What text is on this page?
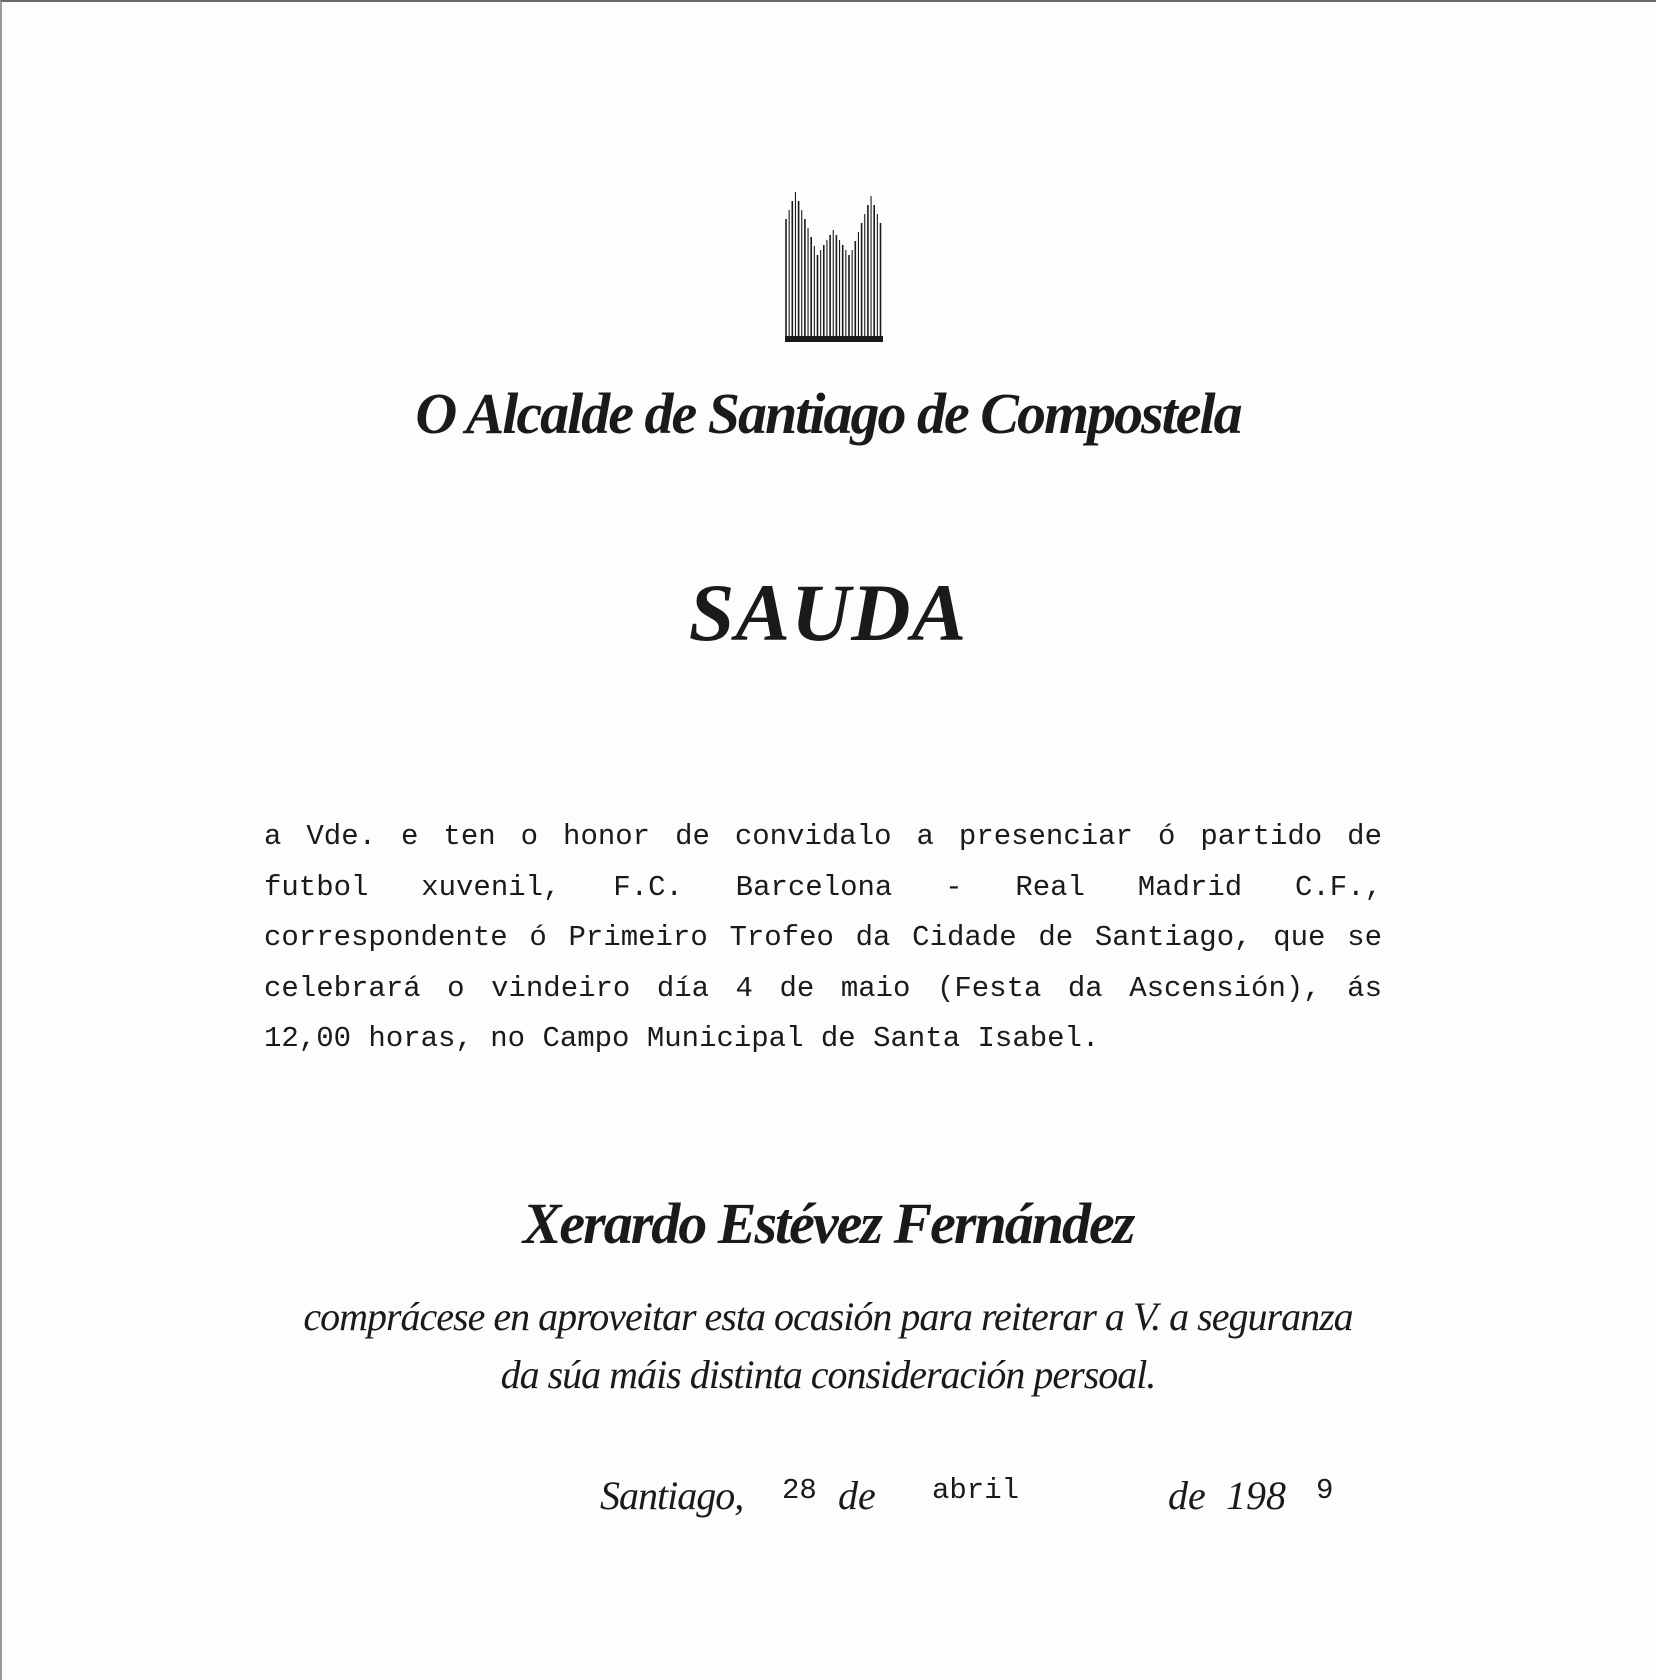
O Alcalde de Santiago de Compostela
SAUDA

a Vde. e ten o honor de convidalo a presenciar ó partido de futbol xuvenil, F.C. Barcelona - Real Madrid C.F., correspondente ó Primeiro Trofeo da Cidade de Santiago, que se celebrará o vindeiro día 4 de maio (Festa da Ascensión), ás 12,00 horas, no Campo Municipal de Santa Isabel.

Xerardo Estévez Fernández

comprácese en aproveitar esta ocasión para reiterar a V. a seguranza
da súa máis distinta consideración persoal.

Santiago, 28 de abril	de 198 9
